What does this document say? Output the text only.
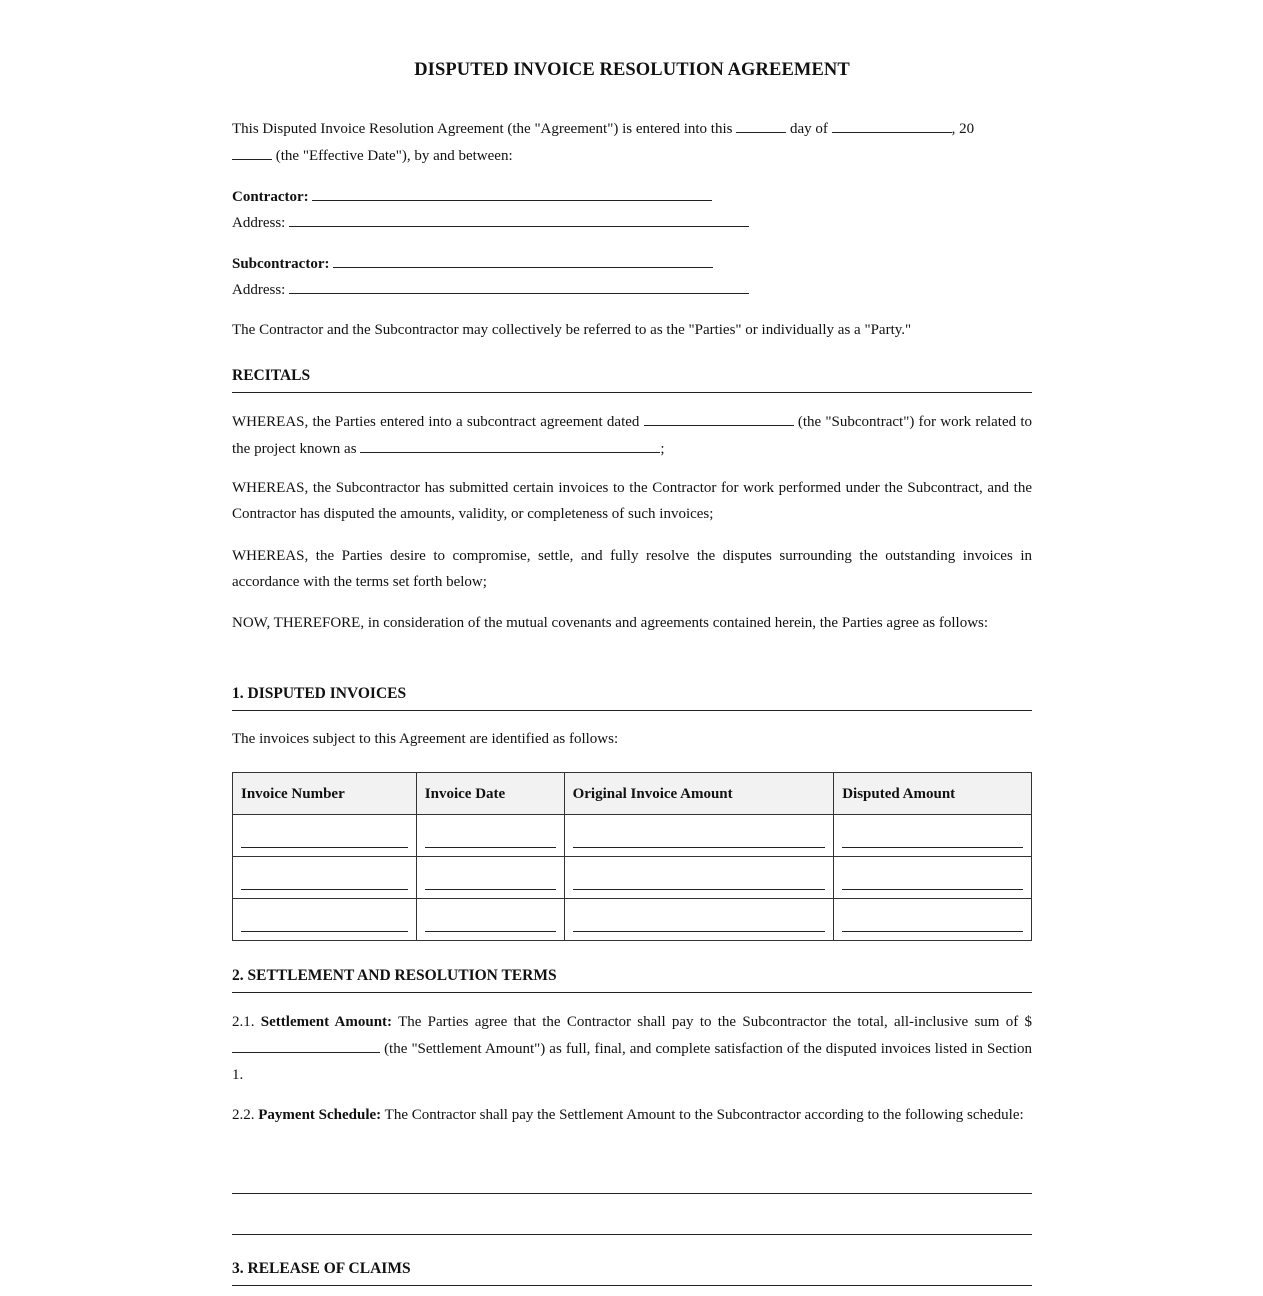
DISPUTED INVOICE RESOLUTION AGREEMENT
This Disputed Invoice Resolution Agreement (the "Agreement") is entered into this	day of	, 20
(the "Effective Date"), by and between:
Contractor:
Address:
Subcontractor:
Address:
The Contractor and the Subcontractor may collectively be referred to as the "Parties" or individually as a "Party."
RECITALS
WHEREAS, the Parties entered into a subcontract agreement dated	(the "Subcontract") for work related to the project known as	;
WHEREAS, the Subcontractor has submitted certain invoices to the Contractor for work performed under the Subcontract, and the Contractor has disputed the amounts, validity, or completeness of such invoices;
WHEREAS, the Parties desire to compromise, settle, and fully resolve the disputes surrounding the outstanding invoices in accordance with the terms set forth below;
NOW, THEREFORE, in consideration of the mutual covenants and agreements contained herein, the Parties agree as follows:
1. DISPUTED INVOICES
The invoices subject to this Agreement are identified as follows:
Invoice Number	Invoice Date	Original Invoice Amount	Disputed Amount

2. SETTLEMENT AND RESOLUTION TERMS
2.1. Settlement Amount: The Parties agree that the Contractor shall pay to the Subcontractor the total, all-inclusive sum of $ (the "Settlement Amount") as full, final, and complete satisfaction of the disputed invoices listed in Section 1.
2.2. Payment Schedule: The Contractor shall pay the Settlement Amount to the Subcontractor according to the following schedule:
3. RELEASE OF CLAIMS
